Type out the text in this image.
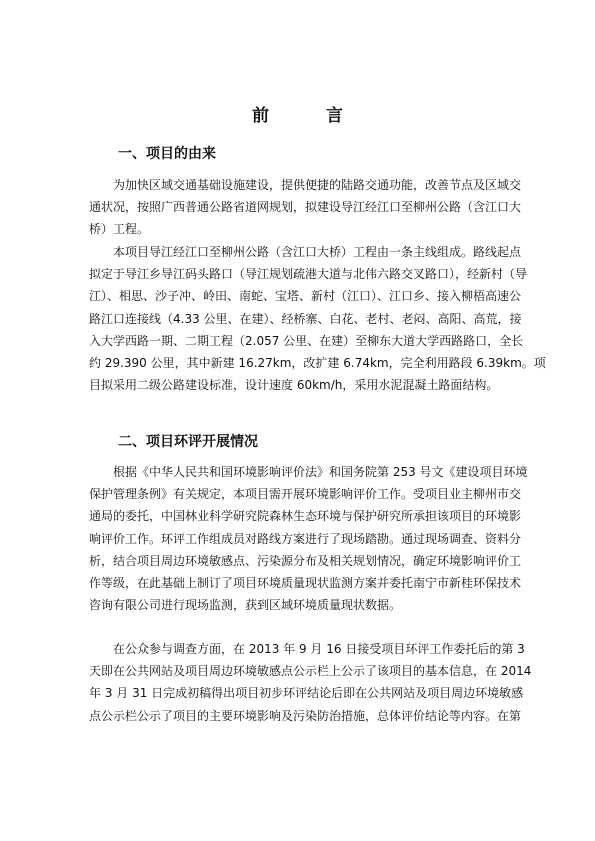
前　言
一、项目的由来
为加快区域交通基础设施建设，提供便捷的陆路交通功能，改善节点及区域交
通状况，按照广西普通公路省道网规划，拟建设导江经江口至柳州公路（含江口大
桥）工程。
本项目导江经江口至柳州公路（含江口大桥）工程由一条主线组成。路线起点
拟定于导江乡导江码头路口（导江规划疏港大道与北伟六路交叉路口），经新村（导
江）、相思、沙子冲、岭田、南蛇、宝塔、新村（江口）、江口乡、接入柳梧高速公
路江口连接线（4.33 公里、在建）、经桥寨、白花、老村、老闷、高阳、高荒，接
入大学西路一期、二期工程（2.057 公里、在建）至柳东大道大学西路路口，全长
约 29.390 公里，其中新建 16.27km，改扩建 6.74km，完全利用路段 6.39km。项
目拟采用二级公路建设标准，设计速度 60km/h，采用水泥混凝土路面结构。
二、项目环评开展情况
根据《中华人民共和国环境影响评价法》和国务院第 253 号文《建设项目环境
保护管理条例》有关规定，本项目需开展环境影响评价工作。受项目业主柳州市交
通局的委托，中国林业科学研究院森林生态环境与保护研究所承担该项目的环境影
响评价工作。环评工作组成员对路线方案进行了现场踏勘。通过现场调查、资料分
析，结合项目周边环境敏感点、污染源分布及相关规划情况，确定环境影响评价工
作等级，在此基础上制订了项目环境质量现状监测方案并委托南宁市新桂环保技术
咨询有限公司进行现场监测，获到区域环境质量现状数据。
在公众参与调查方面，在 2013 年 9 月 16 日接受项目环评工作委托后的第 3
天即在公共网站及项目周边环境敏感点公示栏上公示了该项目的基本信息，在 2014
年 3 月 31 日完成初稿得出项目初步环评结论后即在公共网站及项目周边环境敏感
点公示栏公示了项目的主要环境影响及污染防治措施，总体评价结论等内容。在第
